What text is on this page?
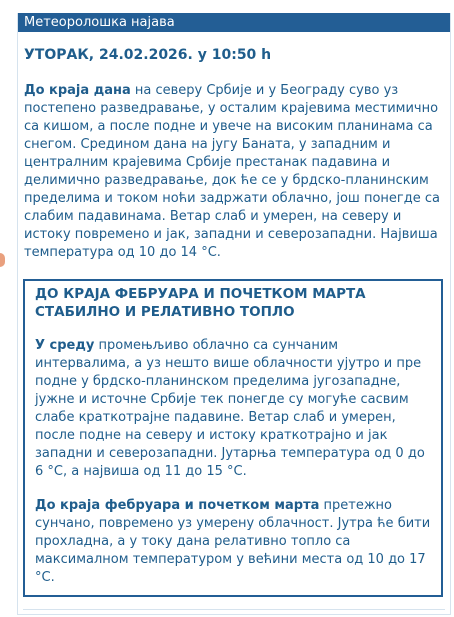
Метеоролошка најава
УТОРАК, 24.02.2026. у 10:50 h

До краја дана на северу Србије и у Београду суво уз постепено разведравање, у осталим крајевима местимично са кишом, а после подне и увече на високим планинама са снегом. Средином дана на југу Баната, у западним и централним крајевима Србије престанак падавина и делимично разведравање, док ће се у брдско-планинским пределима и током ноћи задржати облачно, још понегде са слабим падавинама. Ветар слаб и умерен, на северу и истоку повремено и јак, западни и северозападни. Највиша температура од 10 до 14 °C.

ДО КРАЈА ФЕБРУАРА И ПОЧЕТКОМ МАРТА СТАБИЛНО И РЕЛАТИВНО ТОПЛО

У среду промењљиво облачно са сунчаним интервалима, а уз нешто више облачности ујутро и пре подне у брдско-планинском пределима југозападне, јужне и источне Србије тек понегде су могуће сасвим слабе краткотрајне падавине. Ветар слаб и умерен, после подне на северу и истоку краткотрајно и јак западни и северозападни. Јутарња температура од 0 до 6 °C, а највиша од 11 до 15 °C.

До краја фебруара и почетком марта претежно сунчано, повремено уз умерену облачност. Јутра ће бити прохладна, а у току дана релативно топло са максималном температуром у већини места од 10 до 17 °C.
